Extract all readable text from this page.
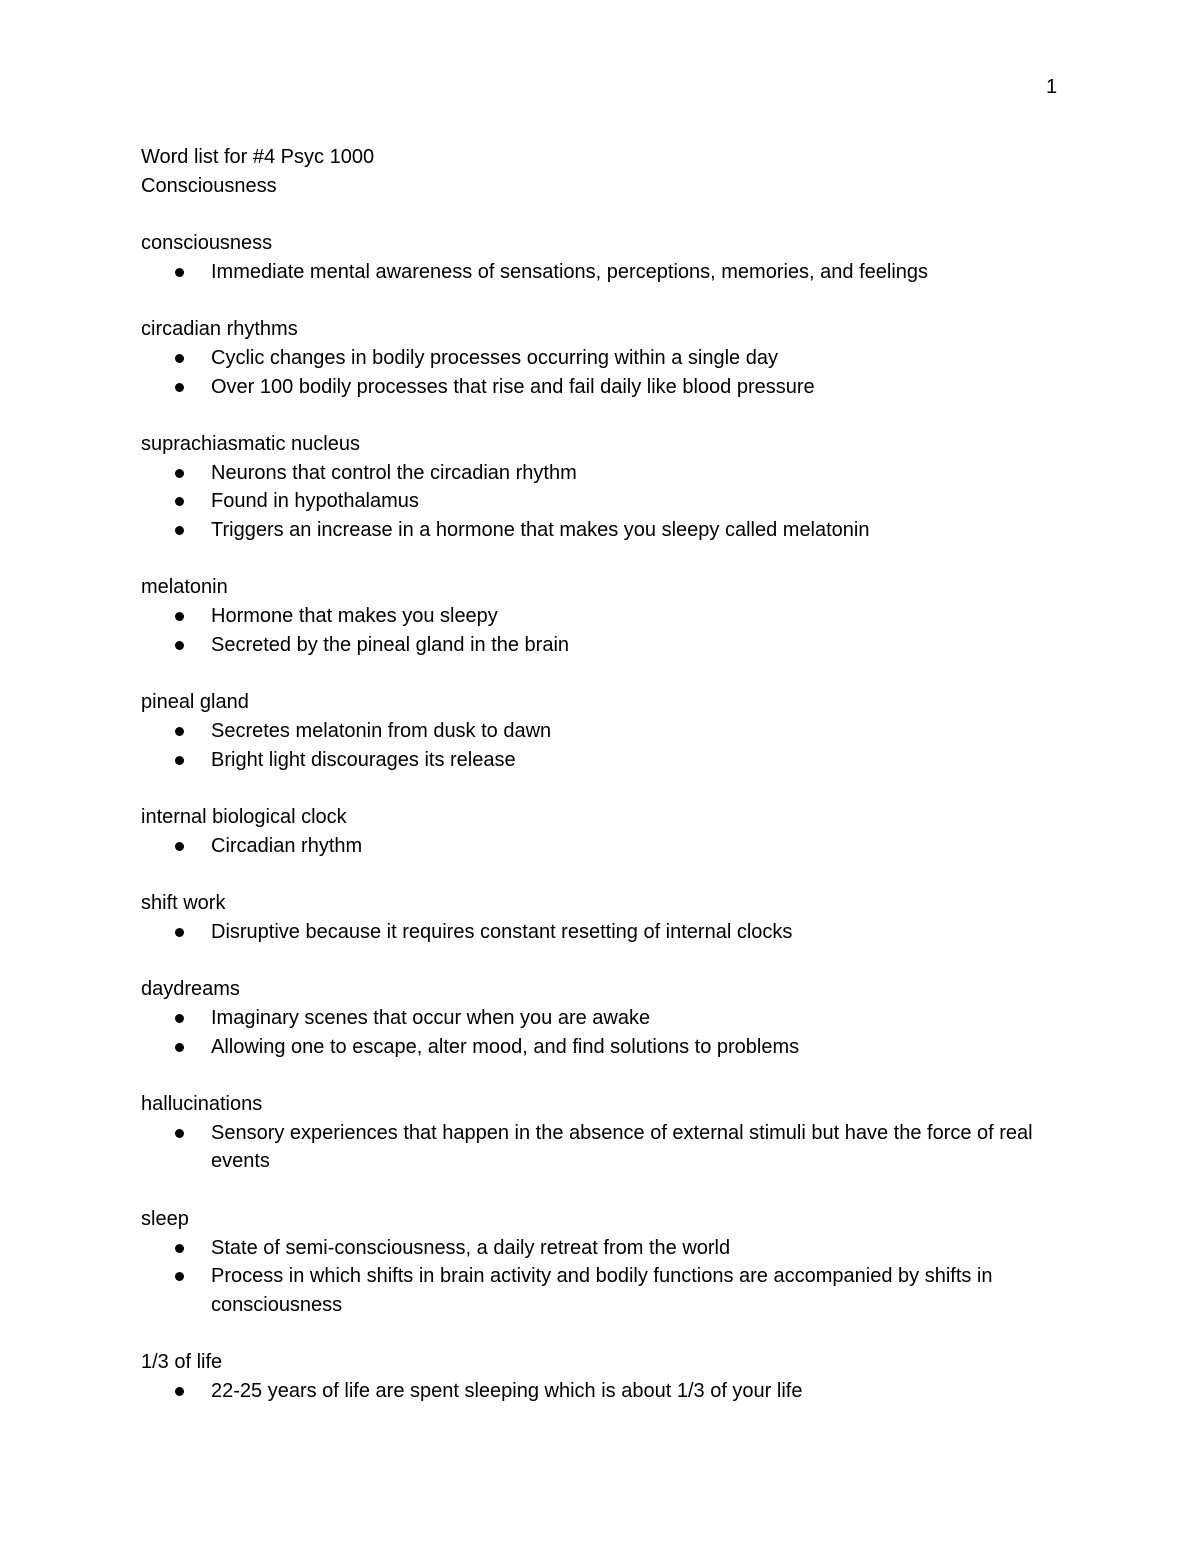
1

Word list for #4 Psyc 1000

Consciousness

consciousness

Immediate mental awareness of sensations, perceptions, memories, and feelings

circadian rhythms

Cyclic changes in bodily processes occurring within a single day
Over 100 bodily processes that rise and fail daily like blood pressure

suprachiasmatic nucleus

Neurons that control the circadian rhythm
Found in hypothalamus
Triggers an increase in a hormone that makes you sleepy called melatonin

melatonin

Hormone that makes you sleepy
Secreted by the pineal gland in the brain

pineal gland

Secretes melatonin from dusk to dawn
Bright light discourages its release

internal biological clock

Circadian rhythm

shift work

Disruptive because it requires constant resetting of internal clocks

daydreams

Imaginary scenes that occur when you are awake
Allowing one to escape, alter mood, and find solutions to problems

hallucinations

Sensory experiences that happen in the absence of external stimuli but have the force of real events

sleep

State of semi-consciousness, a daily retreat from the world
Process in which shifts in brain activity and bodily functions are accompanied by shifts in consciousness

1/3 of life

22-25 years of life are spent sleeping which is about 1/3 of your life
